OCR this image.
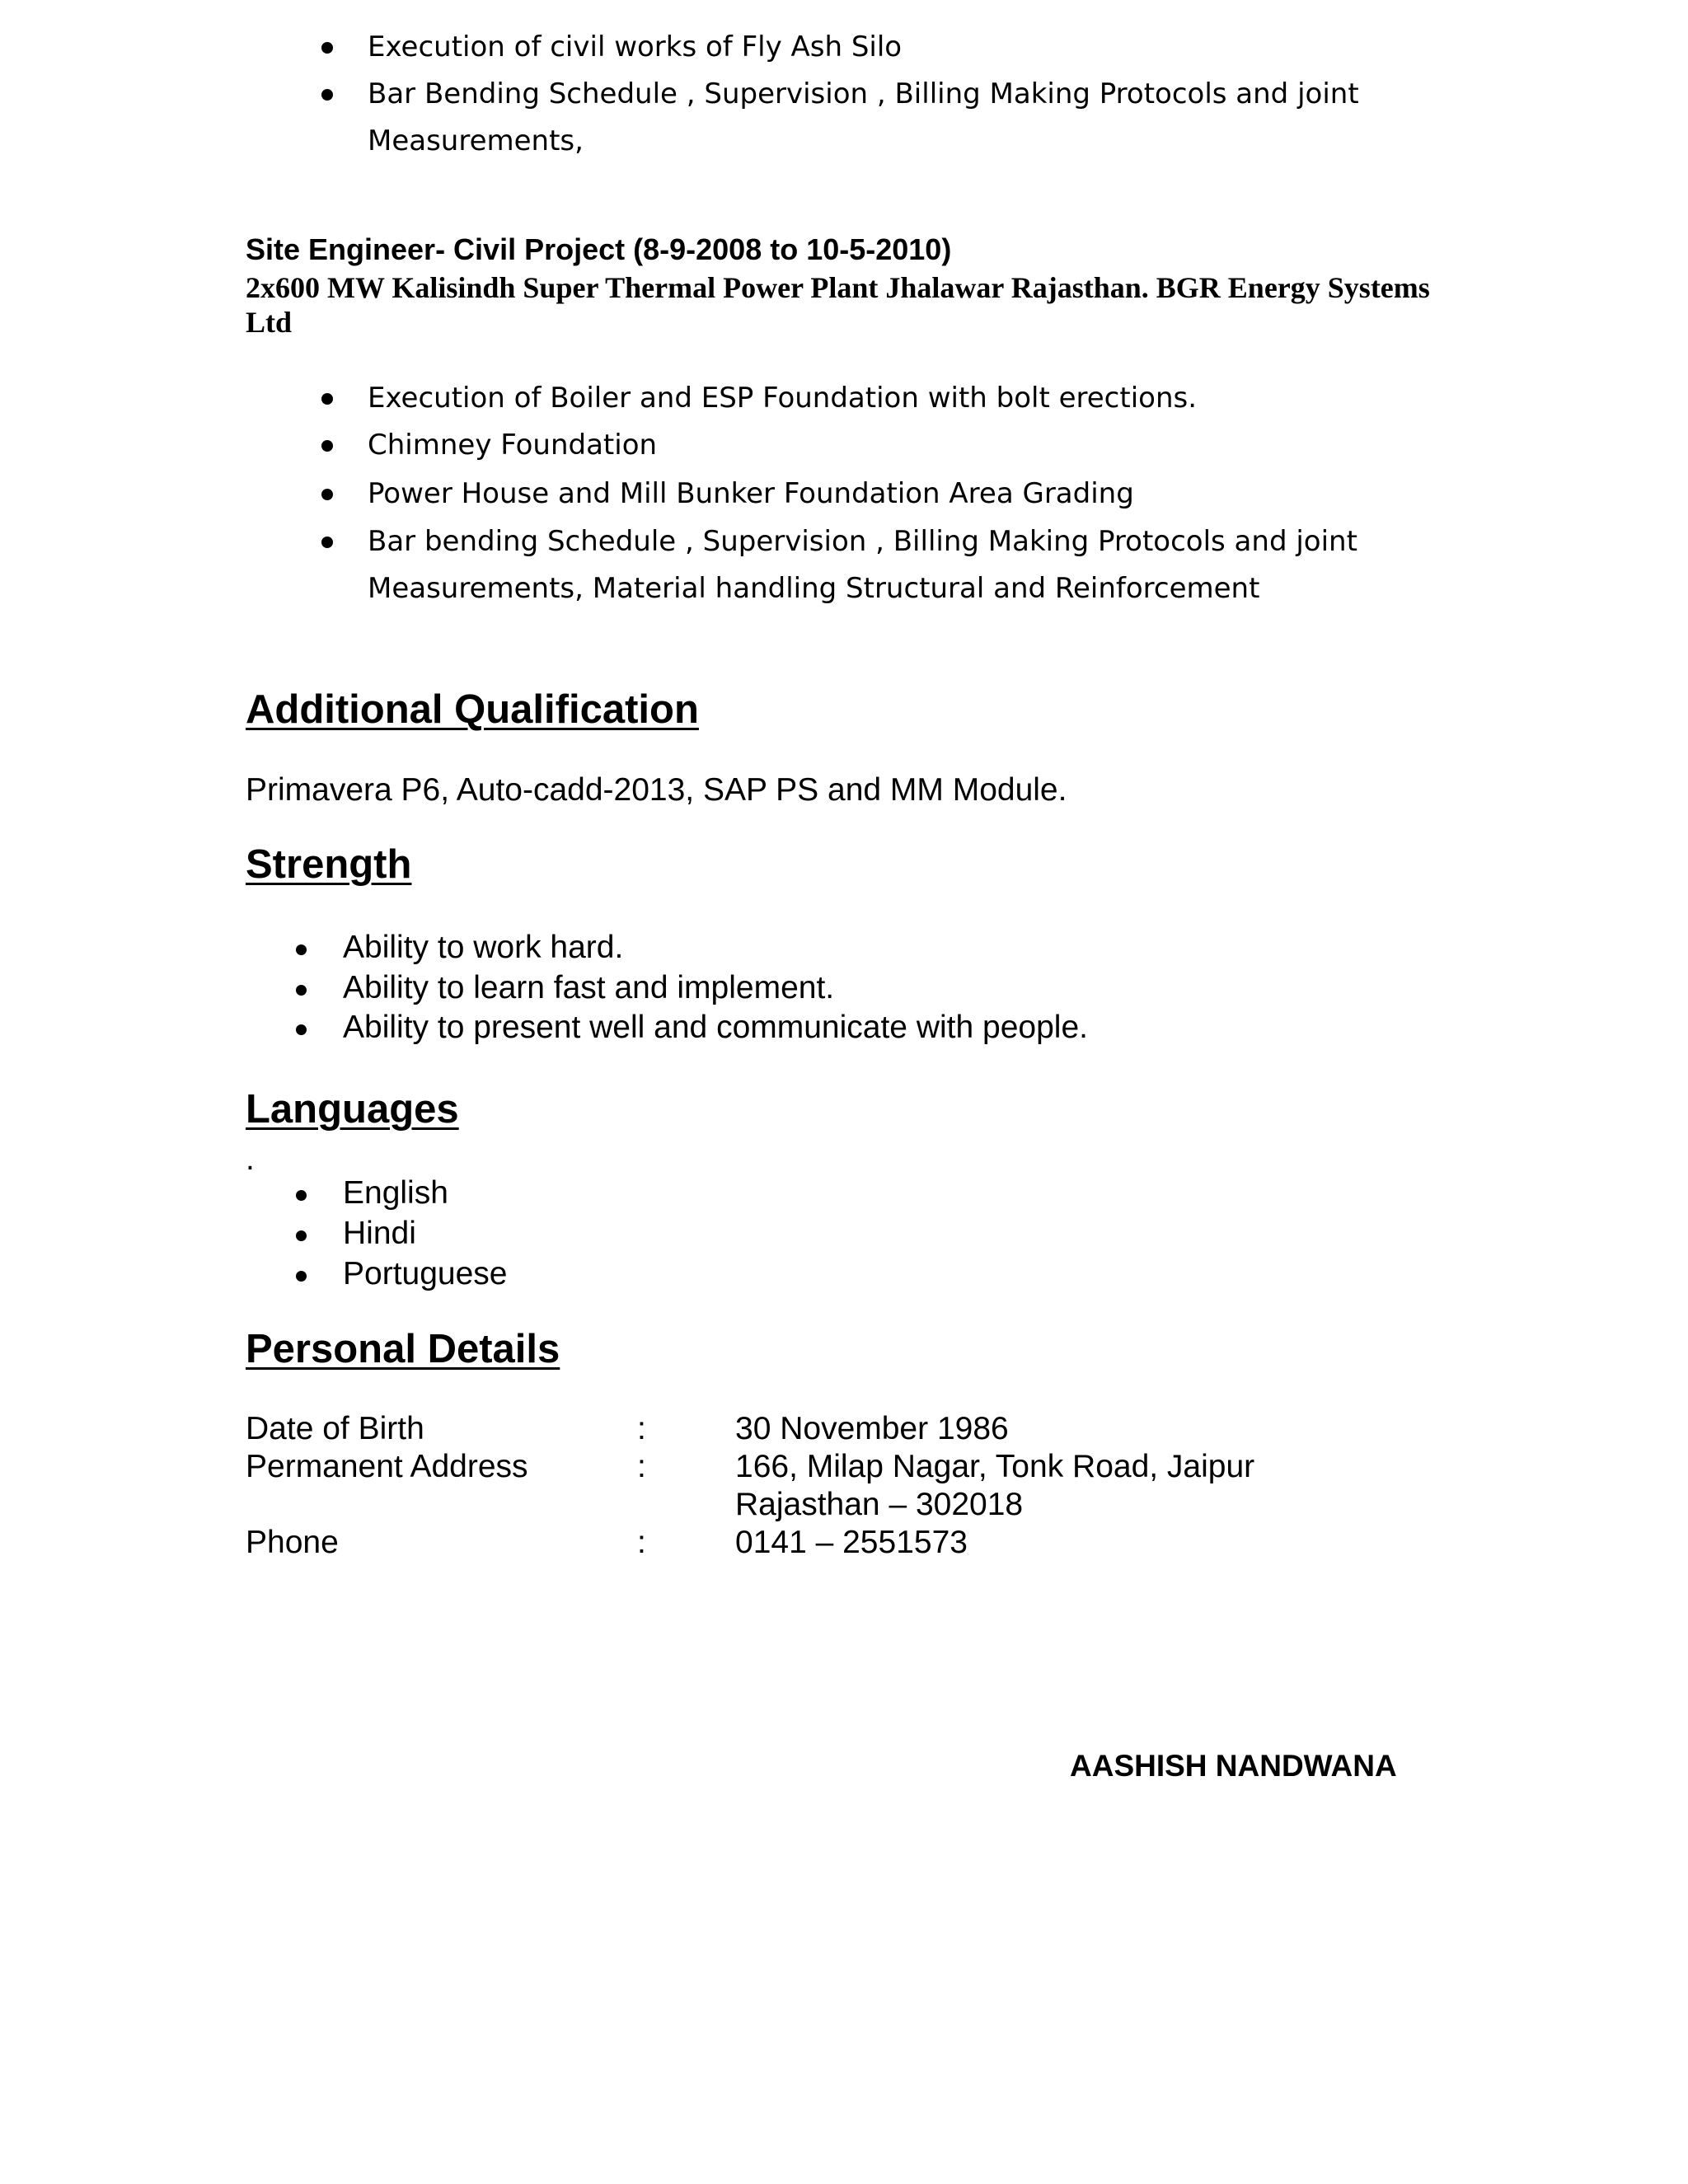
Execution of civil works of Fly Ash Silo
Bar Bending Schedule , Supervision , Billing Making Protocols and joint
Measurements,
Site Engineer- Civil Project (8-9-2008 to 10-5-2010)
2x600 MW Kalisindh Super Thermal Power Plant Jhalawar Rajasthan. BGR Energy Systems Ltd
Execution of Boiler and ESP Foundation with bolt erections.
Chimney Foundation
Power House and Mill Bunker Foundation Area Grading
Bar bending Schedule , Supervision , Billing Making Protocols and joint
Measurements, Material handling Structural and Reinforcement
Additional Qualification
Primavera P6, Auto-cadd-2013, SAP PS and MM Module.
Strength
Ability to work hard.
Ability to learn fast and implement.
Ability to present well and communicate with people.
Languages
.
English
Hindi
Portuguese
Personal Details
Date of Birth	:	30 November 1986
Permanent Address	:	166, Milap Nagar, Tonk Road, Jaipur
Rajasthan – 302018
Phone	:	0141 – 2551573
AASHISH NANDWANA
